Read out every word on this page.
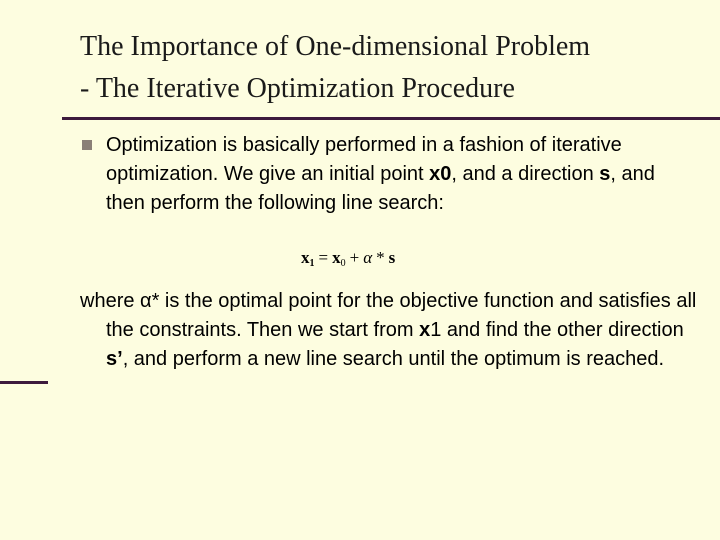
The Importance of One-dimensional Problem
- The Iterative Optimization Procedure
Optimization is basically performed in a fashion of iterative optimization. We give an initial point x0, and a direction s, and then perform the following line search:
$x_1 = x_0 + \alpha * s$
where α* is the optimal point for the objective function and satisfies all the constraints. Then we start from x1 and find the other direction s’, and perform a new line search until the optimum is reached.
